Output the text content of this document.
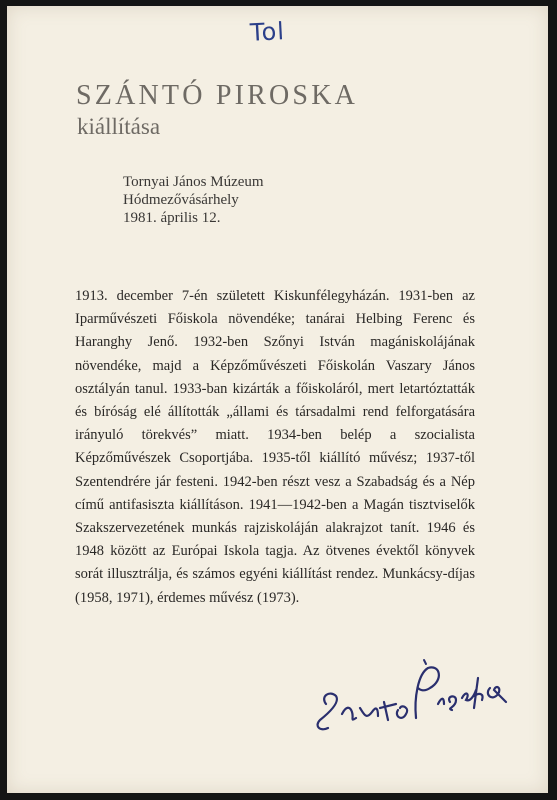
Tol
SZÁNTÓ PIROSKA
kiállítása
Tornyai János Múzeum
Hódmezővásárhely
1981. április 12.
1913. december 7-én született Kiskunfélegyházán. 1931-ben az Iparművészeti Főiskola növendéke; tanárai Helbing Ferenc és Haranghy Jenő. 1932-ben Szőnyi István magániskolájának növendéke, majd a Képzőművészeti Főiskolán Vaszary János osztályán tanul. 1933-ban kizárták a főiskoláról, mert letartóztatták és bíróság elé állították „állami és társadalmi rend felforgatására irányuló törekvés” miatt. 1934-ben belép a szocialista Képzőművészek Csoportjába. 1935-től kiállító művész; 1937-től Szentendrére jár festeni. 1942-ben részt vesz a Szabadság és a Nép című antifasiszta kiállításon. 1941—1942-ben a Magán tisztviselők Szakszervezetének munkás rajziskoláján alakrajzot tanít. 1946 és 1948 között az Európai Iskola tagja. Az ötvenes évektől könyvek sorát illusztrálja, és számos egyéni kiállítást rendez. Munkácsy-díjas (1958, 1971), érdemes művész (1973).
